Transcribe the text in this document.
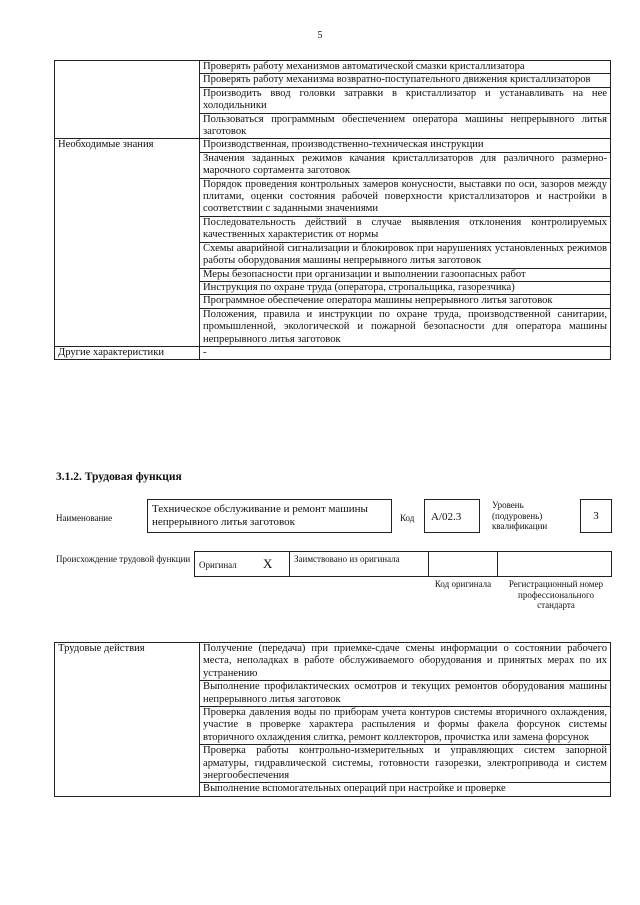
5
	Проверять работу механизмов автоматической смазки кристаллизатора
	Проверять работу механизма возвратно-поступательного движения кристаллизаторов
	Производить ввод головки затравки в кристаллизатор и устанавливать на нее холодильники
	Пользоваться программным обеспечением оператора машины непрерывного литья заготовок
Необходимые знания	Производственная, производственно-техническая инструкции
	Значения заданных режимов качания кристаллизаторов для различного размерно-марочного сортамента заготовок
	Порядок проведения контрольных замеров конусности, выставки по оси, зазоров между плитами, оценки состояния рабочей поверхности кристаллизаторов и настройки в соответствии с заданными значениями
	Последовательность действий в случае выявления отклонения контролируемых качественных характеристик от нормы
	Схемы аварийной сигнализации и блокировок при нарушениях установленных режимов работы оборудования машины непрерывного литья заготовок
	Меры безопасности при организации и выполнении газоопасных работ
	Инструкция по охране труда (оператора, стропальщика, газорезчика)
	Программное обеспечение оператора машины непрерывного литья заготовок
	Положения, правила и инструкции по охране труда, производственной санитарии, промышленной, экологической и пожарной безопасности для оператора машины непрерывного литья заготовок
Другие характеристики	-
3.1.2. Трудовая функция
Наименование
Техническое обслуживание и ремонт машины непрерывного литья заготовок	Код	А/02.3
Уровень (подуровень) квалификации
3
Происхождение трудовой функции
Оригинал X Заимствовано из оригинала
Код оригинала	Регистрационный номер профессионального стандарта
Трудовые действия	Получение (передача) при приемке-сдаче смены информации о состоянии рабочего места, неполадках в работе обслуживаемого оборудования и принятых мерах по их устранению
Выполнение профилактических осмотров и текущих ремонтов оборудования машины непрерывного литья заготовок
Проверка давления воды по приборам учета контуров системы вторичного охлаждения, участие в проверке характера распыления и формы факела форсунок системы вторичного охлаждения слитка, ремонт коллекторов, прочистка или замена форсунок
Проверка работы контрольно-измерительных и управляющих систем запорной арматуры, гидравлической системы, готовности газорезки, электропривода и систем энергообеспечения
Выполнение вспомогательных операций при настройке и проверке
